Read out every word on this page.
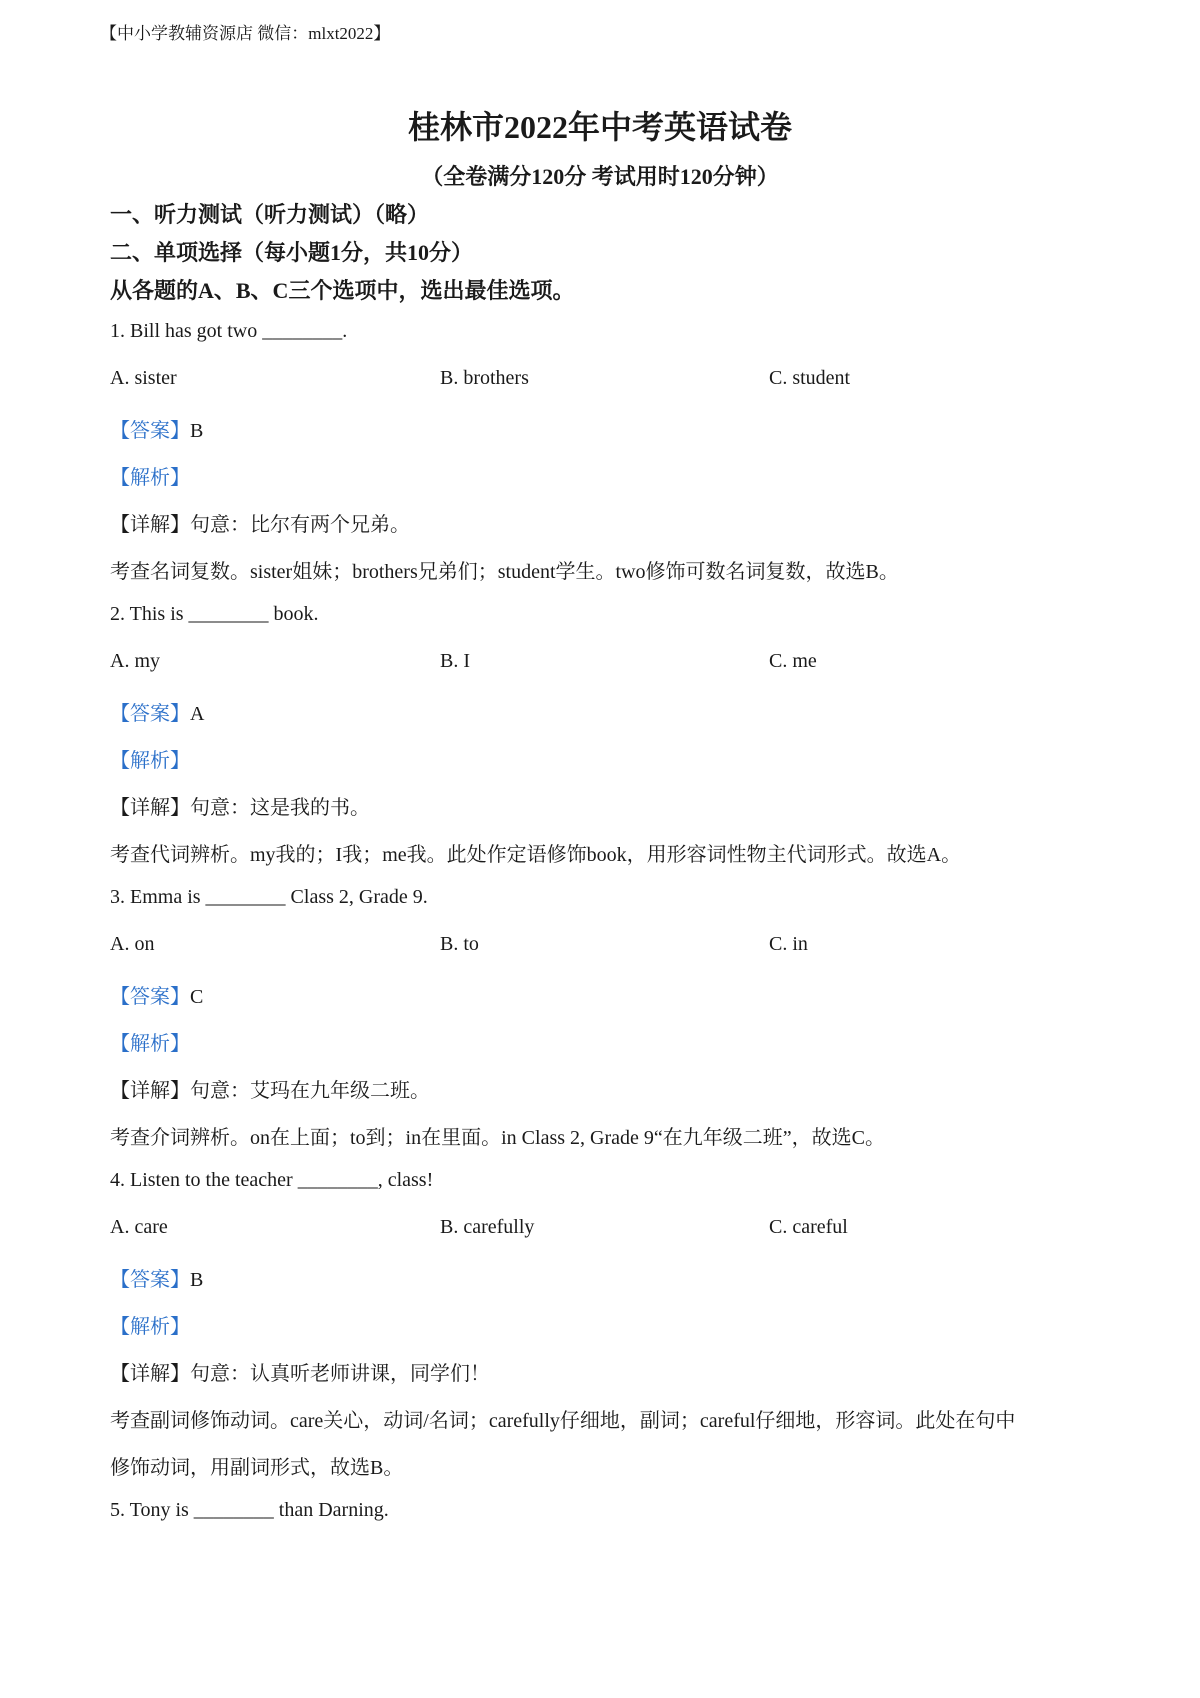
【中小学教辅资源店 微信：mlxt2022】
桂林市2022年中考英语试卷
（全卷满分120分 考试用时120分钟）
一、听力测试（听力测试）（略）
二、单项选择（每小题1分，共10分）
从各题的A、B、C三个选项中，选出最佳选项。
1. Bill has got two ________.
A. sister	B. brothers	C. student
【答案】B
【解析】
【详解】句意：比尔有两个兄弟。
考查名词复数。sister姐妹；brothers兄弟们；student学生。two修饰可数名词复数，故选B。
2. This is ________ book.
A. my	B. I	C. me
【答案】A
【解析】
【详解】句意：这是我的书。
考查代词辨析。my我的；I我；me我。此处作定语修饰book，用形容词性物主代词形式。故选A。
3. Emma is ________ Class 2, Grade 9.
A. on	B. to	C. in
【答案】C
【解析】
【详解】句意：艾玛在九年级二班。
考查介词辨析。on在上面；to到；in在里面。in Class 2, Grade 9“在九年级二班”，故选C。
4. Listen to the teacher ________, class!
A. care	B. carefully	C. careful
【答案】B
【解析】
【详解】句意：认真听老师讲课，同学们！
考查副词修饰动词。care关心，动词/名词；carefully仔细地，副词；careful仔细地，形容词。此处在句中
修饰动词，用副词形式，故选B。
5. Tony is ________ than Darning.
